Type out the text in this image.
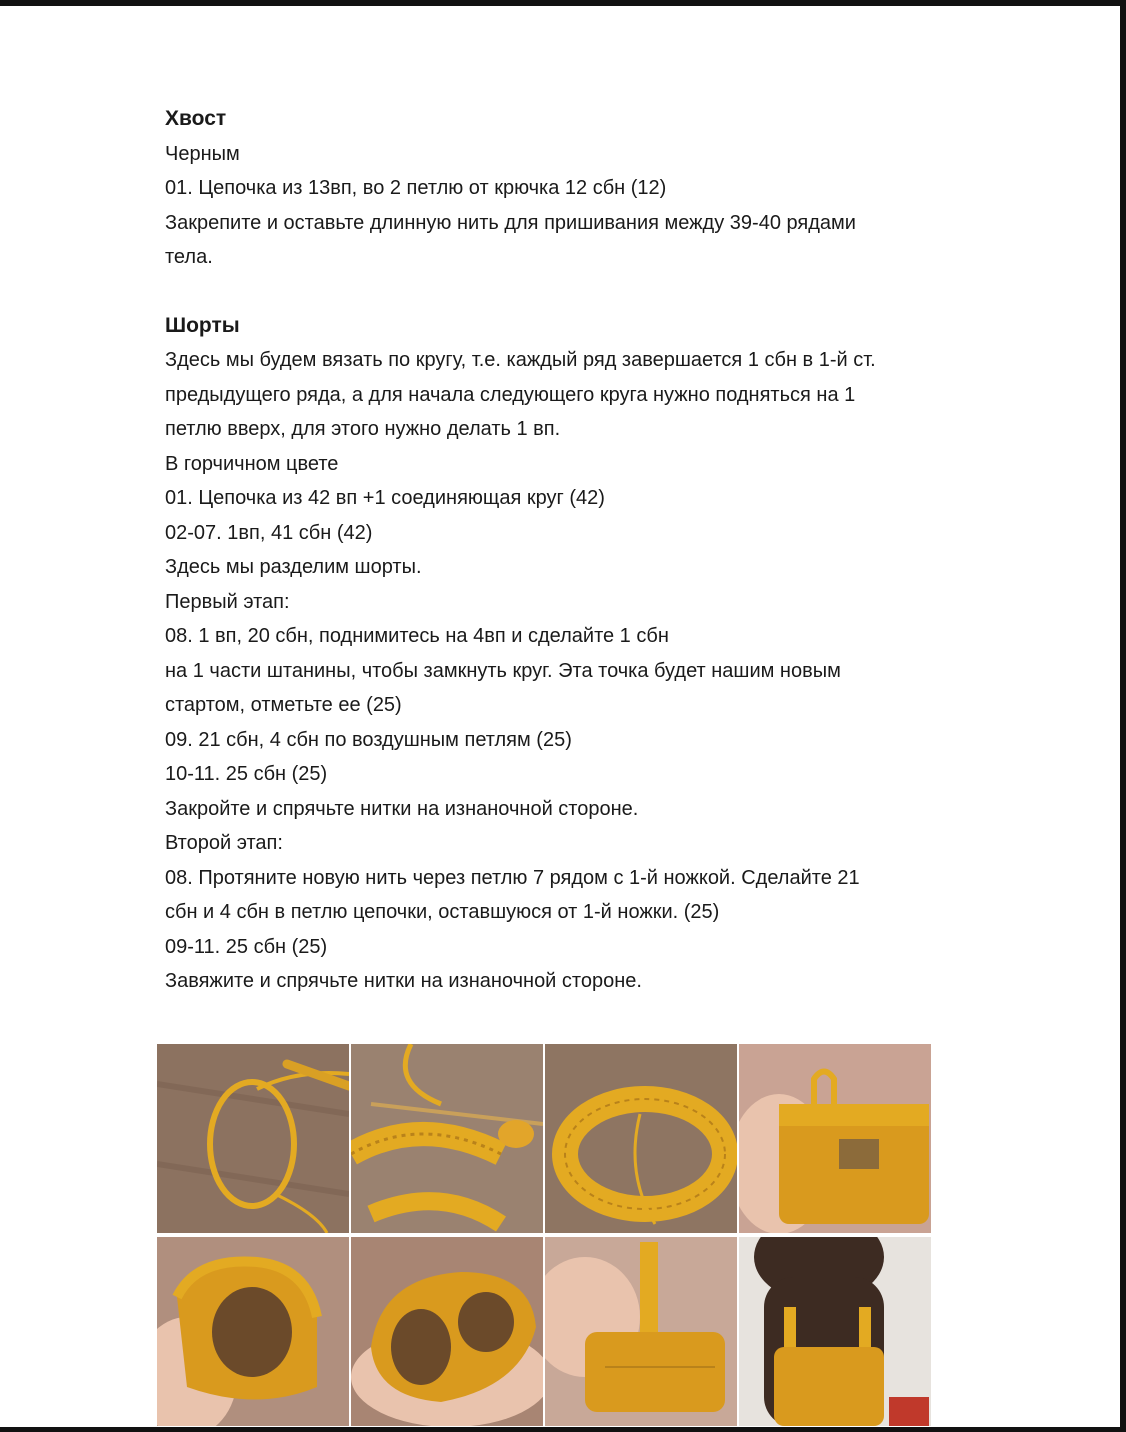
Хвост

Черным

01. Цепочка из 13вп, во 2 петлю от крючка 12 сбн (12)

Закрепите и оставьте длинную нить для пришивания между 39-40 рядами

тела.

Шорты

Здесь мы будем вязать по кругу, т.е. каждый ряд завершается 1 сбн в 1-й ст.

предыдущего ряда, а для начала следующего круга нужно подняться на 1

петлю вверх, для этого нужно делать 1 вп.

В горчичном цвете

01. Цепочка из 42 вп +1 соединяющая круг (42)

02-07. 1вп, 41 сбн (42)

Здесь мы разделим шорты.

Первый этап:

08. 1 вп, 20 сбн, поднимитесь на 4вп и сделайте 1 сбн

на 1 части штанины, чтобы замкнуть круг. Эта точка будет нашим новым

стартом, отметьте ее (25)

09. 21 сбн, 4 сбн по воздушным петлям (25)

10-11. 25 сбн (25)

Закройте и спрячьте нитки на изнаночной стороне.

Второй этап:

08. Протяните новую нить через петлю 7 рядом с 1-й ножкой. Сделайте 21

сбн и 4 сбн в петлю цепочки, оставшуюся от 1-й ножки. (25)

09-11. 25 сбн (25)

Завяжите и спрячьте нитки на изнаночной стороне.
